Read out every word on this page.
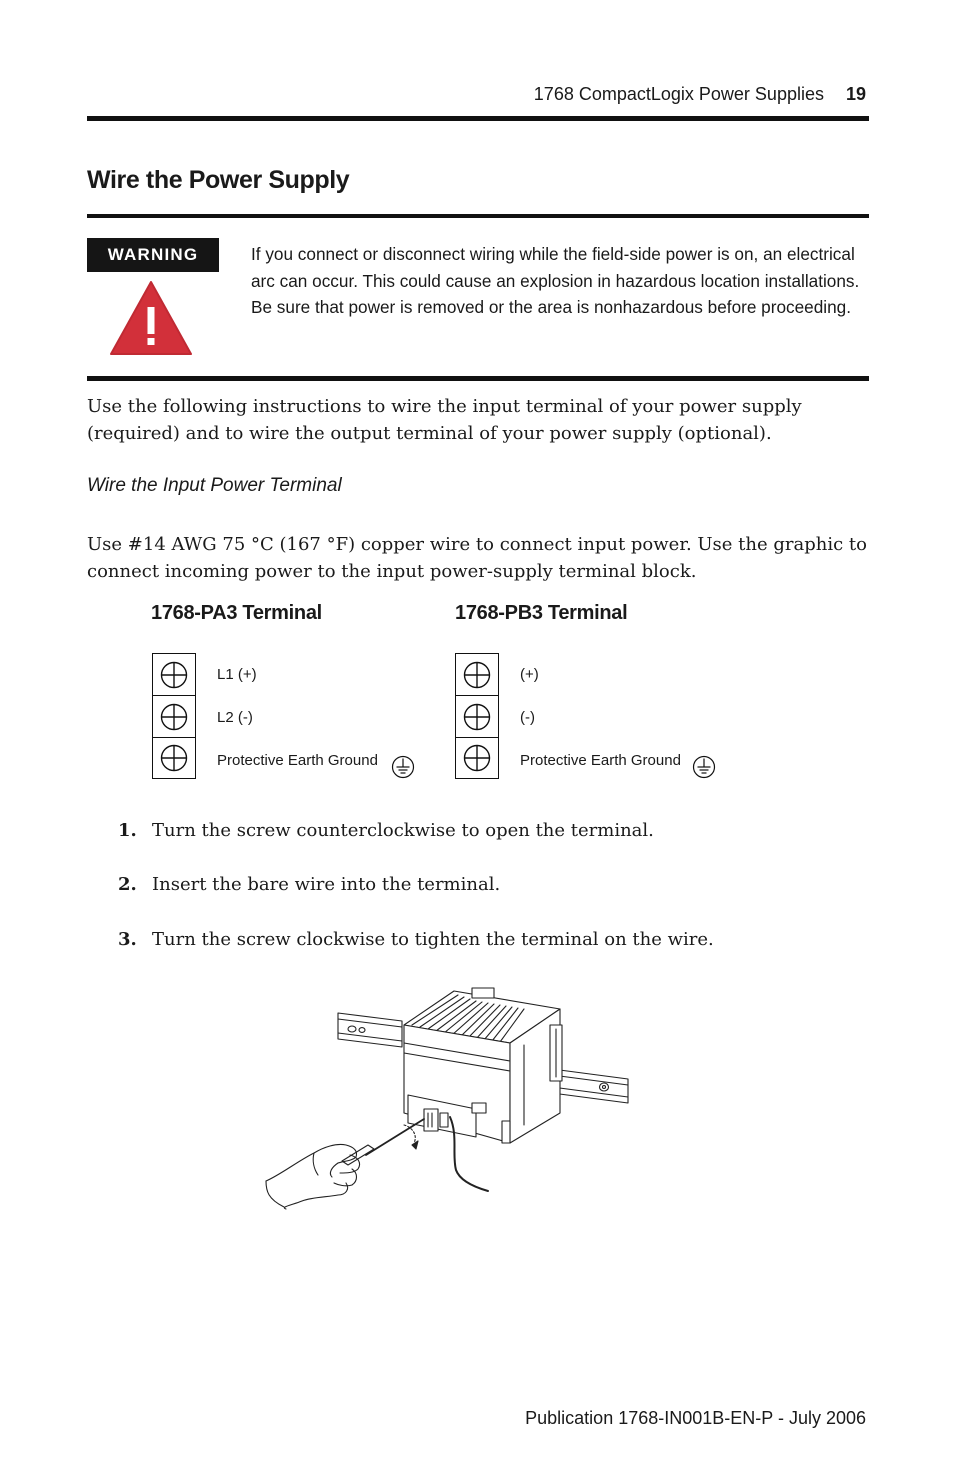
1768 CompactLogix Power Supplies 19
Wire the Power Supply
WARNING	If you connect or disconnect wiring while the field-side power is on, an electrical arc can occur. This could cause an explosion in hazardous location installations. Be sure that power is removed or the area is nonhazardous before proceeding.

Use the following instructions to wire the input terminal of your power supply (required) and to wire the output terminal of your power supply (optional).

Wire the Input Power Terminal

Use #14 AWG 75 °C (167 °F) copper wire to connect input power. Use the graphic to connect incoming power to the input power-supply terminal block.

1768-PA3 Terminal	1768-PB3 Terminal
L1 (+)
L2 (-)
Protective Earth Ground
(+)
(-)
Protective Earth Ground
1. Turn the screw counterclockwise to open the terminal.
2. Insert the bare wire into the terminal.
3. Turn the screw clockwise to tighten the terminal on the wire.
Publication 1768-IN001B-EN-P - July 2006
